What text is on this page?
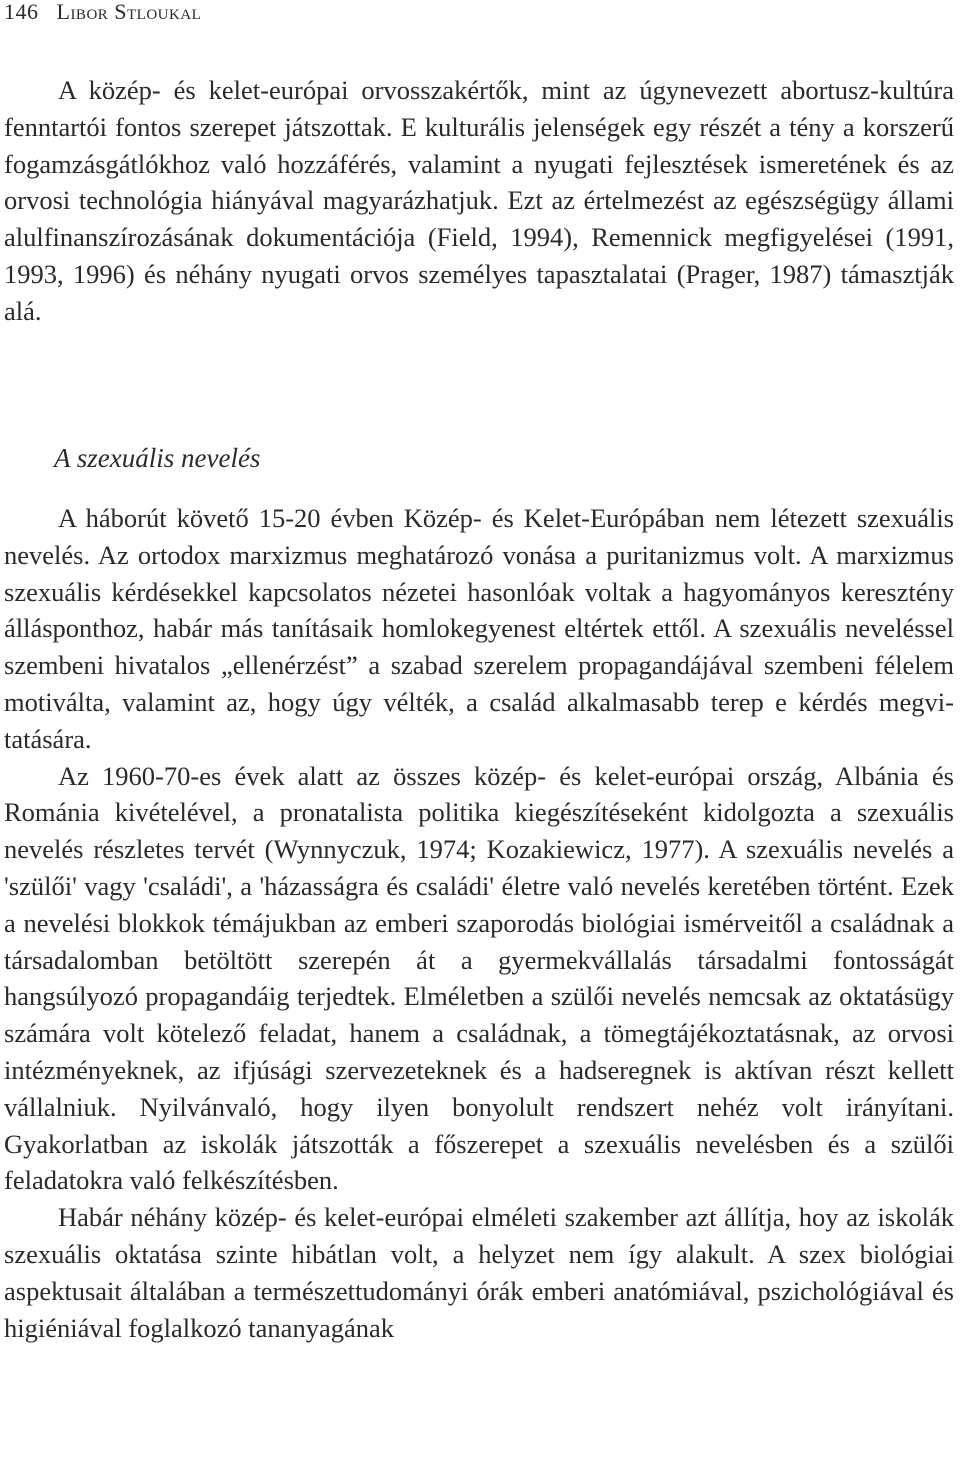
146 Libor Stloukal

A közép- és kelet-európai orvosszakértők, mint az úgynevezett abortusz-kultúra fenntartói fontos szerepet játszottak. E kulturális jelenségek egy részét a tény a korszerű fogamzásgátlókhoz való hozzáférés, valamint a nyugati fejlesztések ismeretének és az orvosi technológia hiányával magyarázhatjuk. Ezt az értelmezést az egészségügy állami alulfinanszírozásának dokumentációja (Field, 1994), Remennick megfigyelései (1991, 1993, 1996) és néhány nyugati orvos személyes tapasztalatai (Prager, 1987) támasztják alá.

A szexuális nevelés

A háborút követő 15-20 évben Közép- és Kelet-Európában nem létezett szexuális nevelés. Az ortodox marxizmus meghatározó vonása a puritanizmus volt. A marxizmus szexuális kérdésekkel kapcsolatos nézetei hasonlóak voltak a hagyományos keresztény állásponthoz, habár más tanításaik homlokegyenest eltértek ettől. A szexuális neveléssel szembeni hivatalos „ellenérzést” a szabad szerelem propagandájával szembeni félelem motiválta, valamint az, hogy úgy vélték, a család alkalmasabb terep e kérdés megvitatására.

Az 1960-70-es évek alatt az összes közép- és kelet-európai ország, Albánia és Románia kivételével, a pronatalista politika kiegészítéseként kidolgozta a szexuális nevelés részletes tervét (Wynnyczuk, 1974; Kozakiewicz, 1977). A szexuális nevelés a 'szülői' vagy 'családi', a 'házasságra és családi' életre való nevelés keretében történt. Ezek a nevelési blokkok témájukban az emberi szaporodás biológiai ismérveitől a családnak a társadalomban betöltött szerepén át a gyermekvállalás társadalmi fontosságát hangsúlyozó propagandáig terjedtek. Elméletben a szülői nevelés nemcsak az oktatásügy számára volt kötelező feladat, hanem a családnak, a tömegtájékoztatásnak, az orvosi intézményeknek, az ifjúsági szervezeteknek és a hadseregnek is aktívan részt kellett vállalniuk. Nyilvánvaló, hogy ilyen bonyolult rendszert nehéz volt irányítani. Gyakorlatban az iskolák játszották a főszerepet a szexuális nevelésben és a szülői feladatokra való felkészítésben.

Habár néhány közép- és kelet-európai elméleti szakember azt állítja, hoy az iskolák szexuális oktatása szinte hibátlan volt, a helyzet nem így alakult. A szex biológiai aspektusait általában a természettudományi órák emberi anatómiával, pszichológiával és higiéniával foglalkozó tananyagának
